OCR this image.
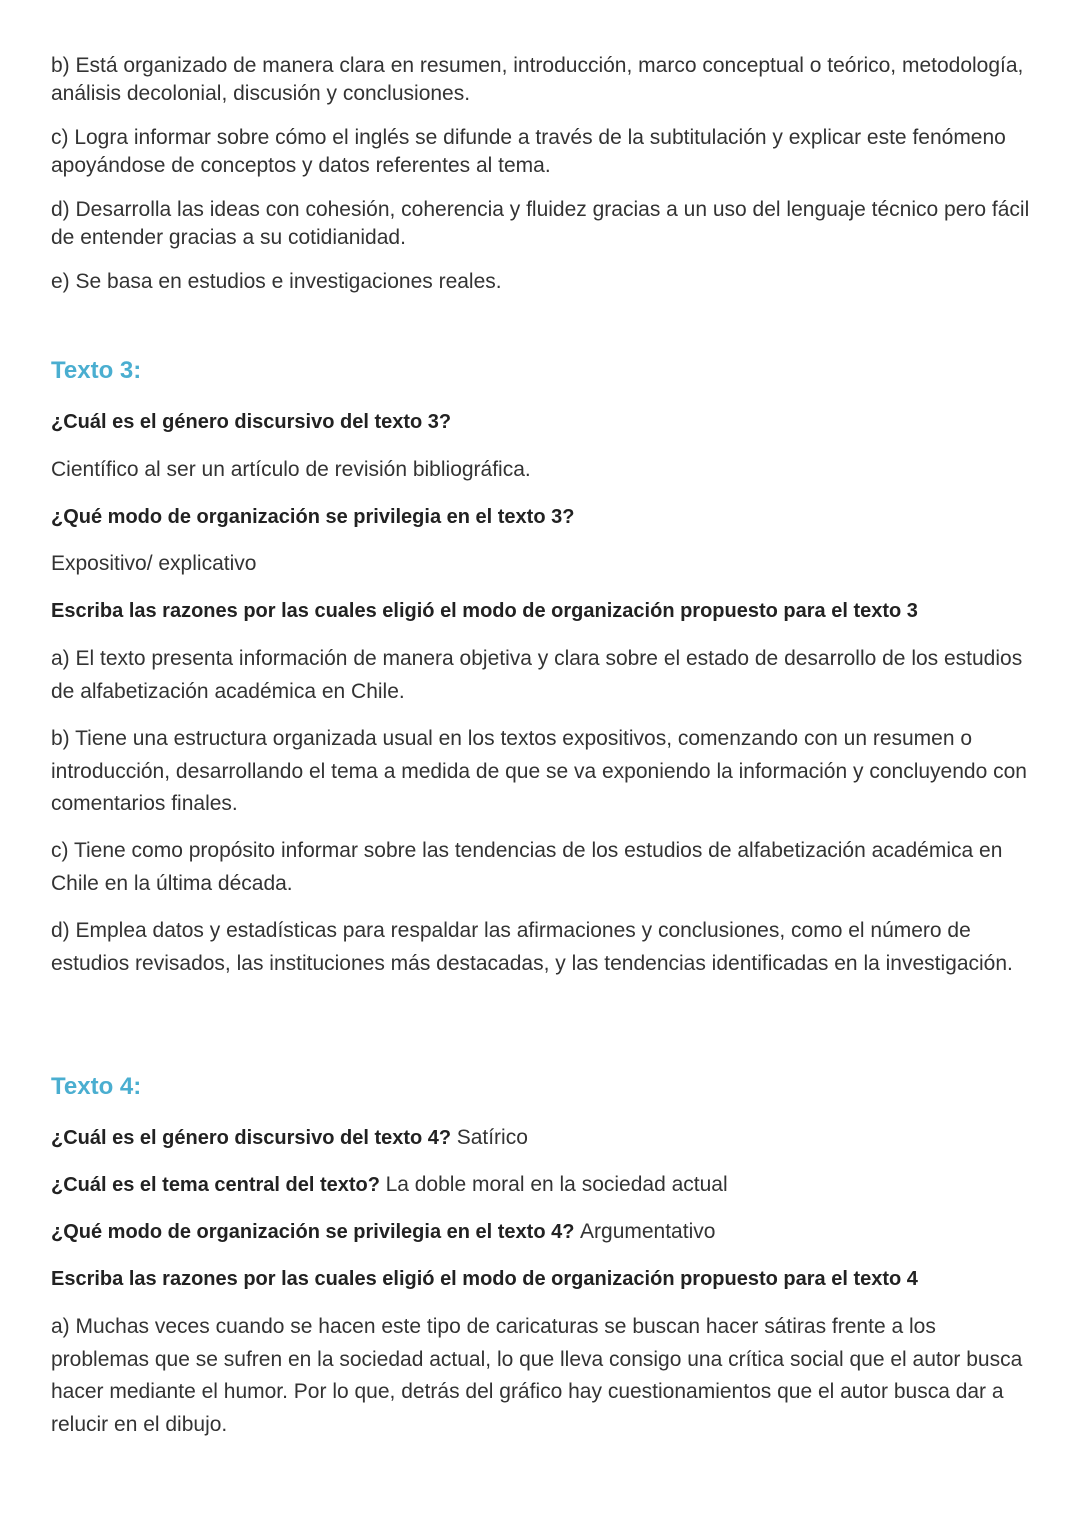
b) Está organizado de manera clara en resumen, introducción, marco conceptual o teórico, metodología, análisis decolonial, discusión y conclusiones.

c) Logra informar sobre cómo el inglés se difunde a través de la subtitulación y explicar este fenómeno apoyándose de conceptos y datos referentes al tema.

d) Desarrolla las ideas con cohesión, coherencia y fluidez gracias a un uso del lenguaje técnico pero fácil de entender gracias a su cotidianidad.

e) Se basa en estudios e investigaciones reales.

Texto 3:

¿Cuál es el género discursivo del texto 3?

Científico al ser un artículo de revisión bibliográfica.

¿Qué modo de organización se privilegia en el texto 3?

Expositivo/ explicativo

Escriba las razones por las cuales eligió el modo de organización propuesto para el texto 3

a) El texto presenta información de manera objetiva y clara sobre el estado de desarrollo de los estudios de alfabetización académica en Chile.

b) Tiene una estructura organizada usual en los textos expositivos, comenzando con un resumen o introducción, desarrollando el tema a medida de que se va exponiendo la información y concluyendo con comentarios finales.

c) Tiene como propósito informar sobre las tendencias de los estudios de alfabetización académica en Chile en la última década.

d) Emplea datos y estadísticas para respaldar las afirmaciones y conclusiones, como el número de estudios revisados, las instituciones más destacadas, y las tendencias identificadas en la investigación.

Texto 4:

¿Cuál es el género discursivo del texto 4? Satírico

¿Cuál es el tema central del texto? La doble moral en la sociedad actual

¿Qué modo de organización se privilegia en el texto 4? Argumentativo

Escriba las razones por las cuales eligió el modo de organización propuesto para el texto 4

a) Muchas veces cuando se hacen este tipo de caricaturas se buscan hacer sátiras frente a los problemas que se sufren en la sociedad actual, lo que lleva consigo una crítica social que el autor busca hacer mediante el humor. Por lo que, detrás del gráfico hay cuestionamientos que el autor busca dar a relucir en el dibujo.
